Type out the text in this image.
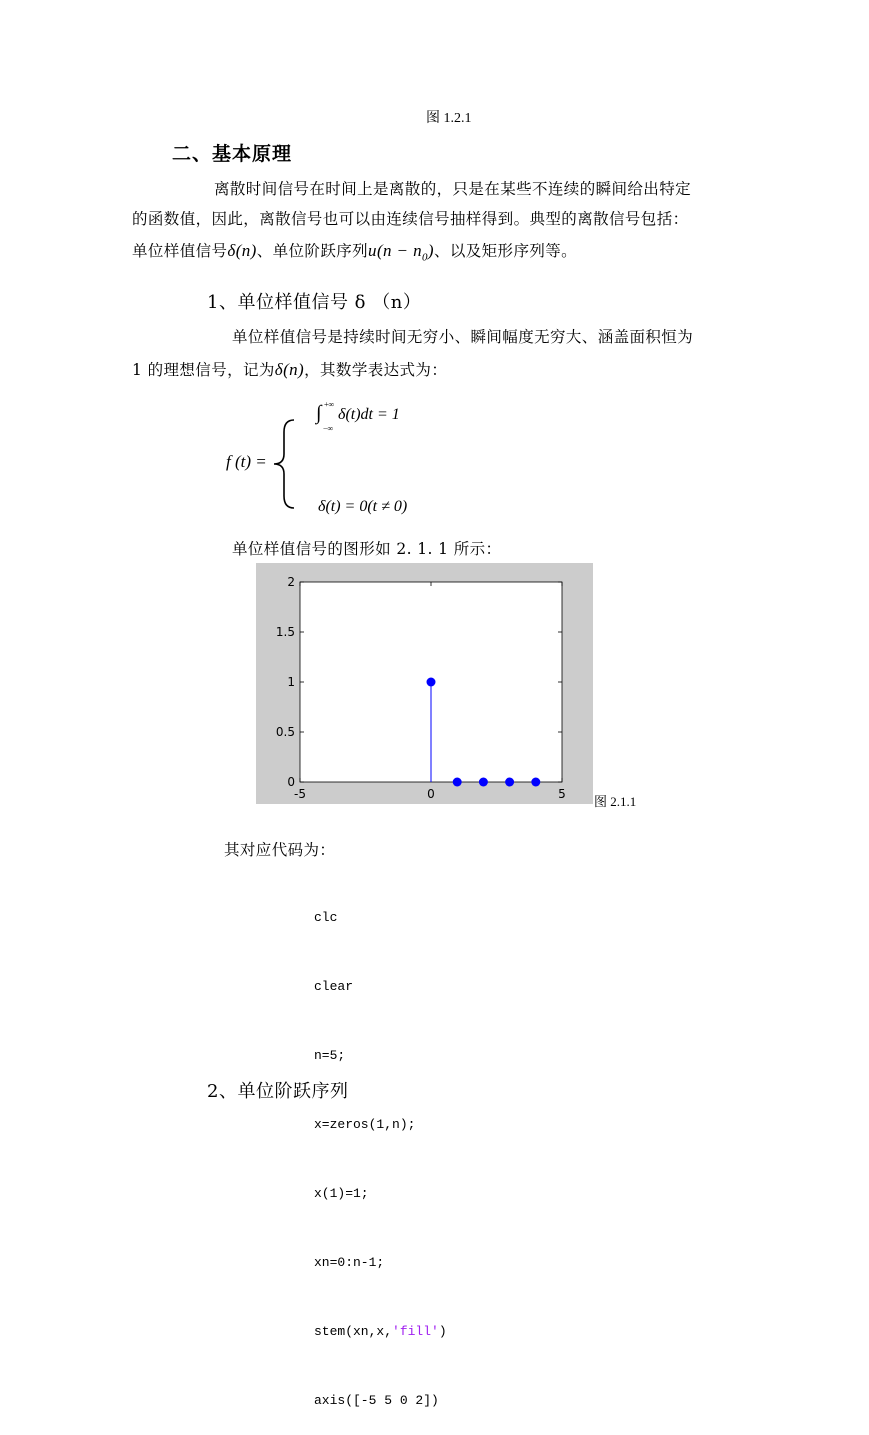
图 1.2.1
二、基本原理
离散时间信号在时间上是离散的，只是在某些不连续的瞬间给出特定
的函数值，因此，离散信号也可以由连续信号抽样得到。典型的离散信号包括：
单位样值信号δ(n)、单位阶跃序列$u(n - n_0)$、以及矩形序列等。
1、单位样值信号 δ （n）
单位样值信号是持续时间无穷小、瞬间幅度无穷大、涵盖面积恒为
1 的理想信号，记为δ(n)，其数学表达式为：
f (t) =
∫ +∞
−∞
δ(t)dt = 1
δ(t) = 0(t ≠ 0)
单位样值信号的图形如 2. 1. 1 所示：
0
0.5
1
1.5
2
-5	0	5 图 2.1.1
其对应代码为：

clc

clear

n=5;

x=zeros(1,n);

x(1)=1;

xn=0:n-1;

stem(xn,x,'fill')

axis([-5 5 0 2])

2、单位阶跃序列
